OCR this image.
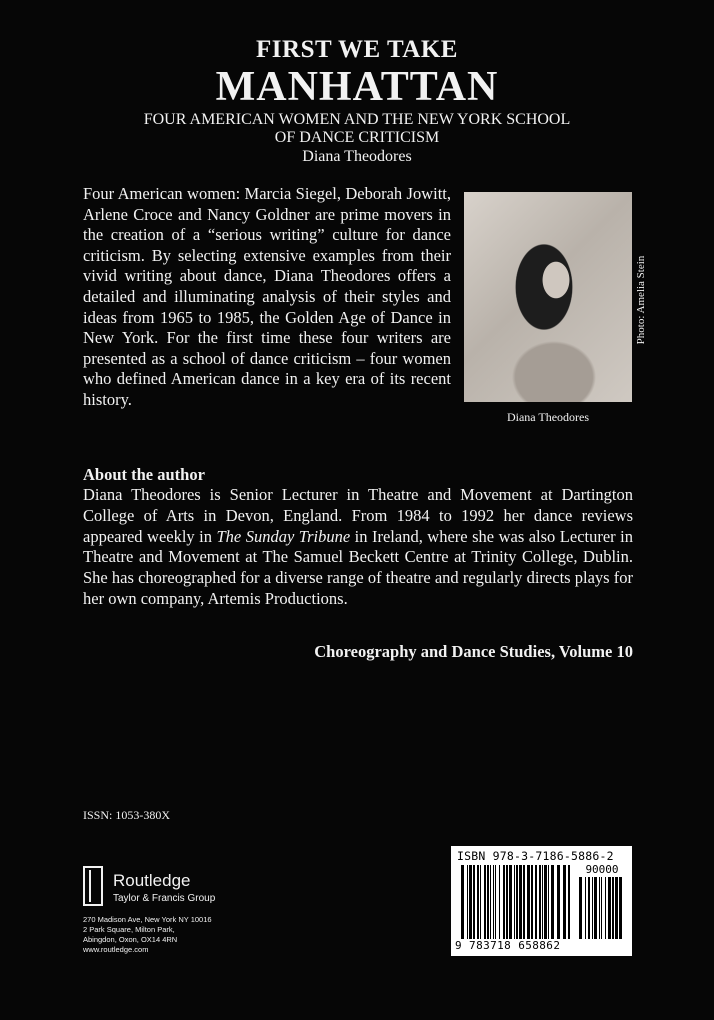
FIRST WE TAKE
MANHATTAN
FOUR AMERICAN WOMEN AND THE NEW YORK SCHOOL
OF DANCE CRITICISM
Diana Theodores
Four American women: Marcia Siegel, Deborah Jowitt, Arlene Croce and Nancy Goldner are prime movers in the creation of a “serious writing” culture for dance criticism. By selecting extensive examples from their vivid writing about dance, Diana Theodores offers a detailed and illuminating analysis of their styles and ideas from 1965 to 1985, the Golden Age of Dance in New York. For the first time these four writers are presented as a school of dance criticism – four women who defined American dance in a key era of its recent history.
Photo: Amelia Stein
Diana Theodores
About the author
Diana Theodores is Senior Lecturer in Theatre and Movement at Dartington College of Arts in Devon, England. From 1984 to 1992 her dance reviews appeared weekly in The Sunday Tribune in Ireland, where she was also Lecturer in Theatre and Movement at The Samuel Beckett Centre at Trinity College, Dublin. She has choreographed for a diverse range of theatre and regularly directs plays for her own company, Artemis Productions.
Choreography and Dance Studies, Volume 10
ISSN: 1053-380X
Routledge
Taylor & Francis Group
270 Madison Ave, New York NY 10016
2 Park Square, Milton Park,
Abingdon, Oxon, OX14 4RN
www.routledge.com
ISBN 978-3-7186-5886-2
90000
9 783718 658862
